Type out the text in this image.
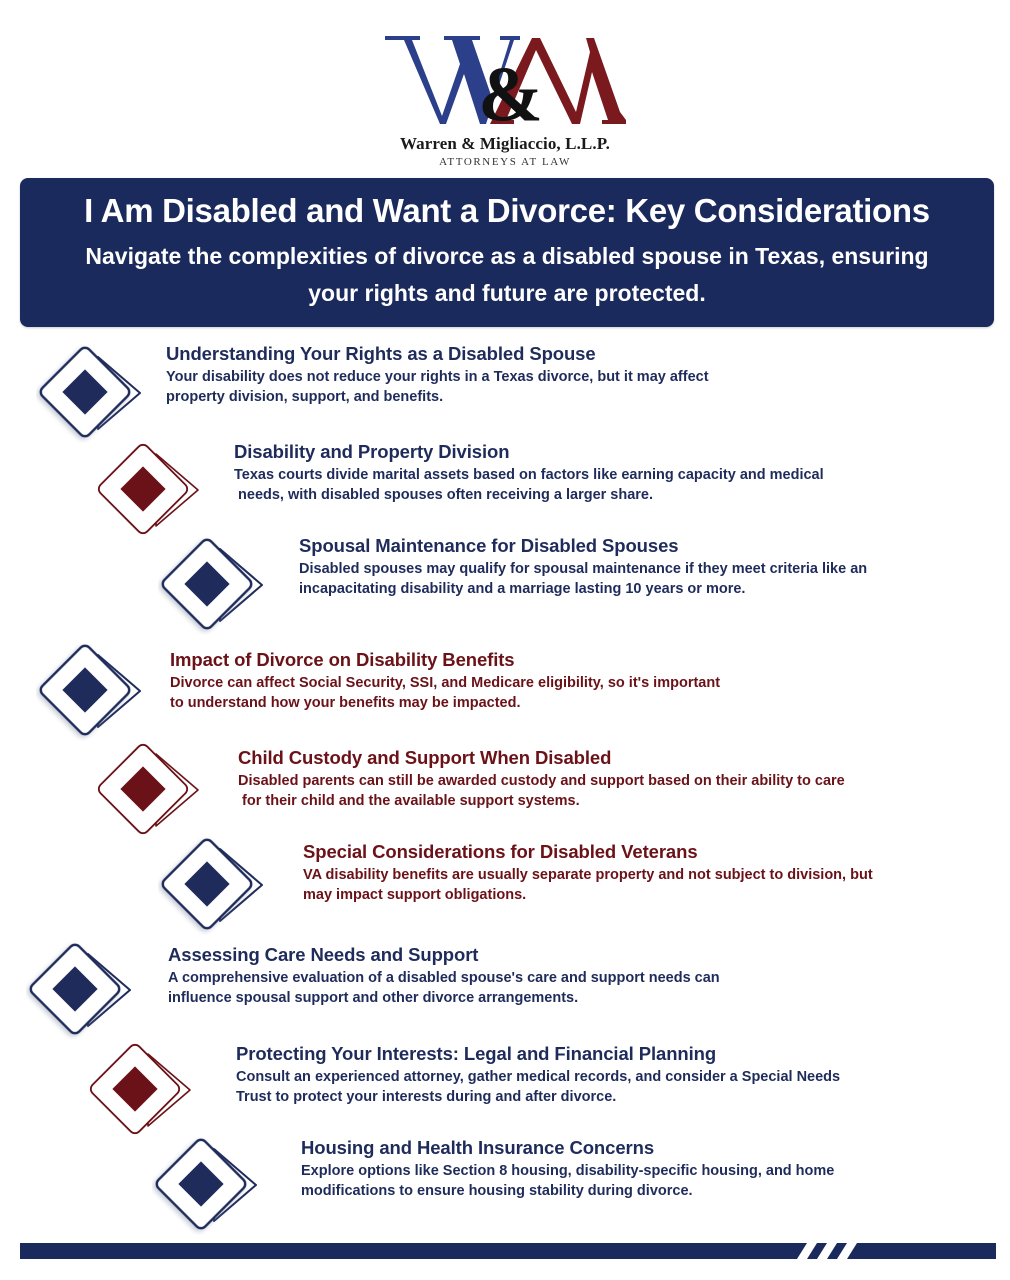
&
Warren & Migliaccio, L.L.P.
ATTORNEYS AT LAW
I Am Disabled and Want a Divorce: Key Considerations
Navigate the complexities of divorce as a disabled spouse in Texas, ensuring your rights and future are protected.
Understanding Your Rights as a Disabled Spouse
Your disability does not reduce your rights in a Texas divorce, but it may affect
property division, support, and benefits.
Disability and Property Division
Texas courts divide marital assets based on factors like earning capacity and medical
needs, with disabled spouses often receiving a larger share.
Spousal Maintenance for Disabled Spouses
Disabled spouses may qualify for spousal maintenance if they meet criteria like an
incapacitating disability and a marriage lasting 10 years or more.
Impact of Divorce on Disability Benefits
Divorce can affect Social Security, SSI, and Medicare eligibility, so it's important
to understand how your benefits may be impacted.
Child Custody and Support When Disabled
Disabled parents can still be awarded custody and support based on their ability to care
for their child and the available support systems.
Special Considerations for Disabled Veterans
VA disability benefits are usually separate property and not subject to division, but
may impact support obligations.
Assessing Care Needs and Support
A comprehensive evaluation of a disabled spouse's care and support needs can
influence spousal support and other divorce arrangements.
Protecting Your Interests: Legal and Financial Planning
Consult an experienced attorney, gather medical records, and consider a Special Needs
Trust to protect your interests during and after divorce.
Housing and Health Insurance Concerns
Explore options like Section 8 housing, disability-specific housing, and home
modifications to ensure housing stability during divorce.
